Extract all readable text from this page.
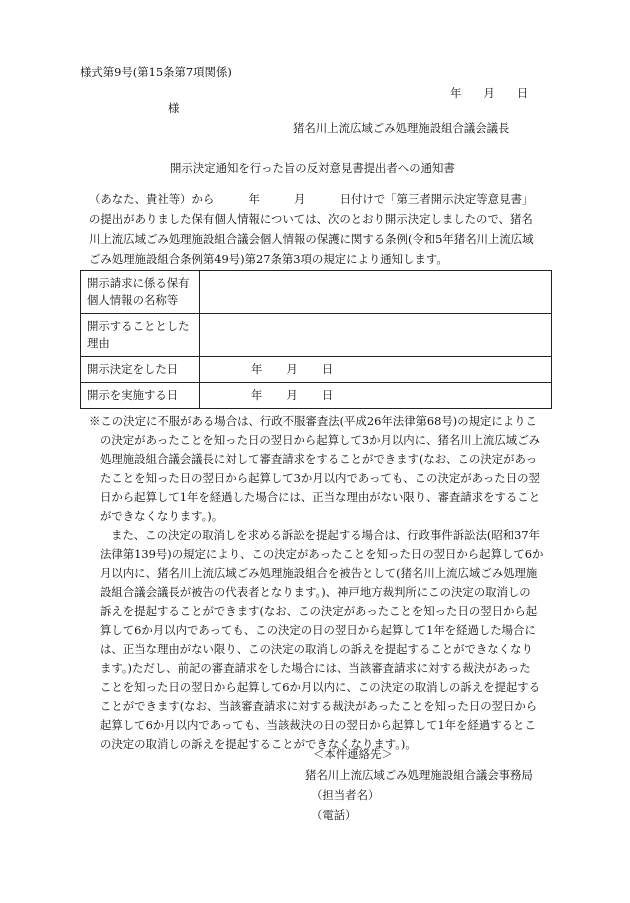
様式第9号(第15条第7項関係)

年 月 日

様

猪名川上流広域ごみ処理施設組合議会議長

開示決定通知を行った旨の反対意見書提出者への通知書

（あなた、貴社等）から　　　年　　　月　　　日付けで「第三者開示決定等意見書」
の提出がありました保有個人情報については、次のとおり開示決定しましたので、猪名
川上流広域ごみ処理施設組合議会個人情報の保護に関する条例(令和5年猪名川上流広域
ごみ処理施設組合条例第49号)第27条第3項の規定により通知します。
開示請求に係る保有
個人情報の名称等	
開示することとした
理由	
開示決定をした日	年 月 日
開示を実施する日	年 月 日
※この決定に不服がある場合は、行政不服審査法(平成26年法律第68号)の規定によりこ
の決定があったことを知った日の翌日から起算して3か月以内に、猪名川上流広域ごみ
処理施設組合議会議長に対して審査請求をすることができます(なお、この決定があっ
たことを知った日の翌日から起算して3か月以内であっても、この決定があった日の翌
日から起算して1年を経過した場合には、正当な理由がない限り、審査請求をすること
ができなくなります。)。
また、この決定の取消しを求める訴訟を提起する場合は、行政事件訴訟法(昭和37年
法律第139号)の規定により、この決定があったことを知った日の翌日から起算して6か
月以内に、猪名川上流広域ごみ処理施設組合を被告として(猪名川上流広域ごみ処理施
設組合議会議長が被告の代表者となります。)、神戸地方裁判所にこの決定の取消しの
訴えを提起することができます(なお、この決定があったことを知った日の翌日から起
算して6か月以内であっても、この決定の日の翌日から起算して1年を経過した場合に
は、正当な理由がない限り、この決定の取消しの訴えを提起することができなくなり
ます。)ただし、前記の審査請求をした場合には、当該審査請求に対する裁決があった
ことを知った日の翌日から起算して6か月以内に、この決定の取消しの訴えを提起する
ことができます(なお、当該審査請求に対する裁決があったことを知った日の翌日から
起算して6か月以内であっても、当該裁決の日の翌日から起算して1年を経過するとこ
の決定の取消しの訴えを提起することができなくなります。)。

＜本件連絡先＞

猪名川上流広域ごみ処理施設組合議会事務局

（担当者名）

（電話）
